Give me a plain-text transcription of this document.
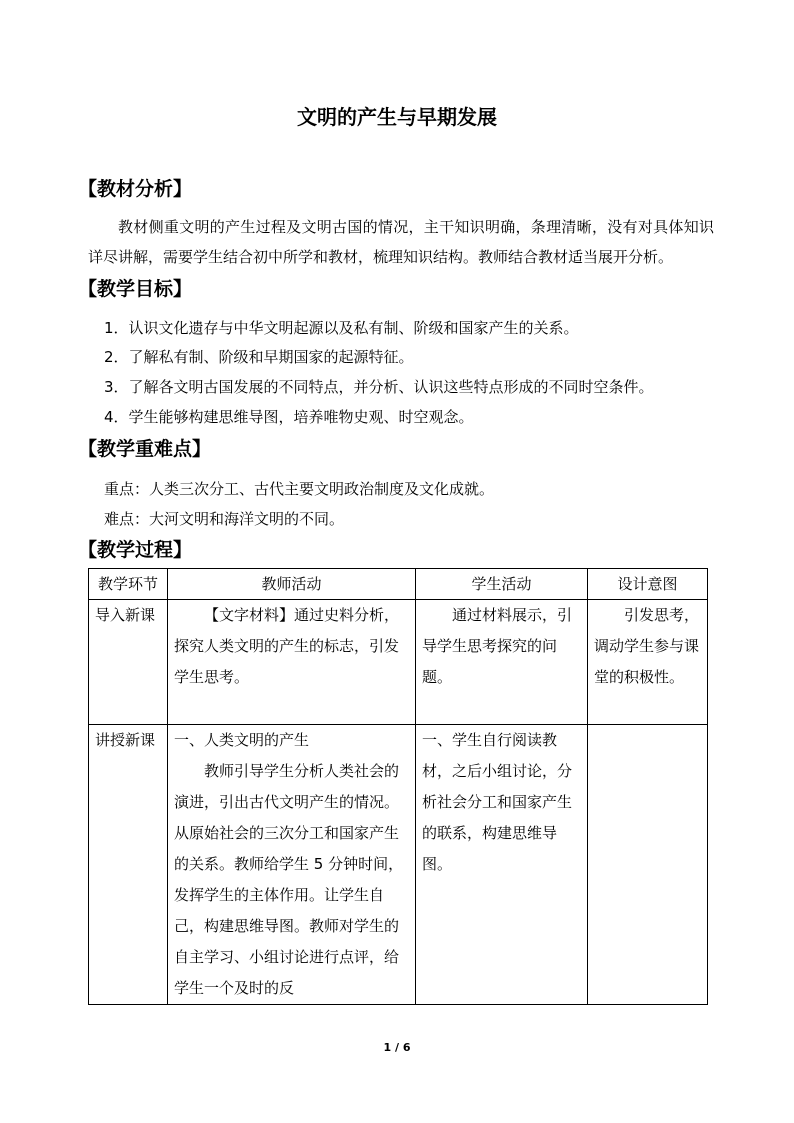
文明的产生与早期发展
【教材分析】
教材侧重文明的产生过程及文明古国的情况，主干知识明确，条理清晰，没有对具体知识详尽讲解，需要学生结合初中所学和教材，梳理知识结构。教师结合教材适当展开分析。
【教学目标】
1．认识文化遗存与中华文明起源以及私有制、阶级和国家产生的关系。
2．了解私有制、阶级和早期国家的起源特征。
3．了解各文明古国发展的不同特点，并分析、认识这些特点形成的不同时空条件。
4．学生能够构建思维导图，培养唯物史观、时空观念。
【教学重难点】
重点：人类三次分工、古代主要文明政治制度及文化成就。
难点：大河文明和海洋文明的不同。
【教学过程】
教学环节	教师活动	学生活动	设计意图
导入新课	【文字材料】通过史料分析，探究人类文明的产生的标志，引发学生思考。	通过材料展示，引导学生思考探究的问题。	引发思考，调动学生参与课堂的积极性。
讲授新课	一、人类文明的产生
教师引导学生分析人类社会的演进，引出古代文明产生的情况。从原始社会的三次分工和国家产生的关系。教师给学生 5 分钟时间，发挥学生的主体作用。让学生自己，构建思维导图。教师对学生的自主学习、小组讨论进行点评，给学生一个及时的反	一、学生自行阅读教材，之后小组讨论，分析社会分工和国家产生的联系，构建思维导图。	
1 / 6
